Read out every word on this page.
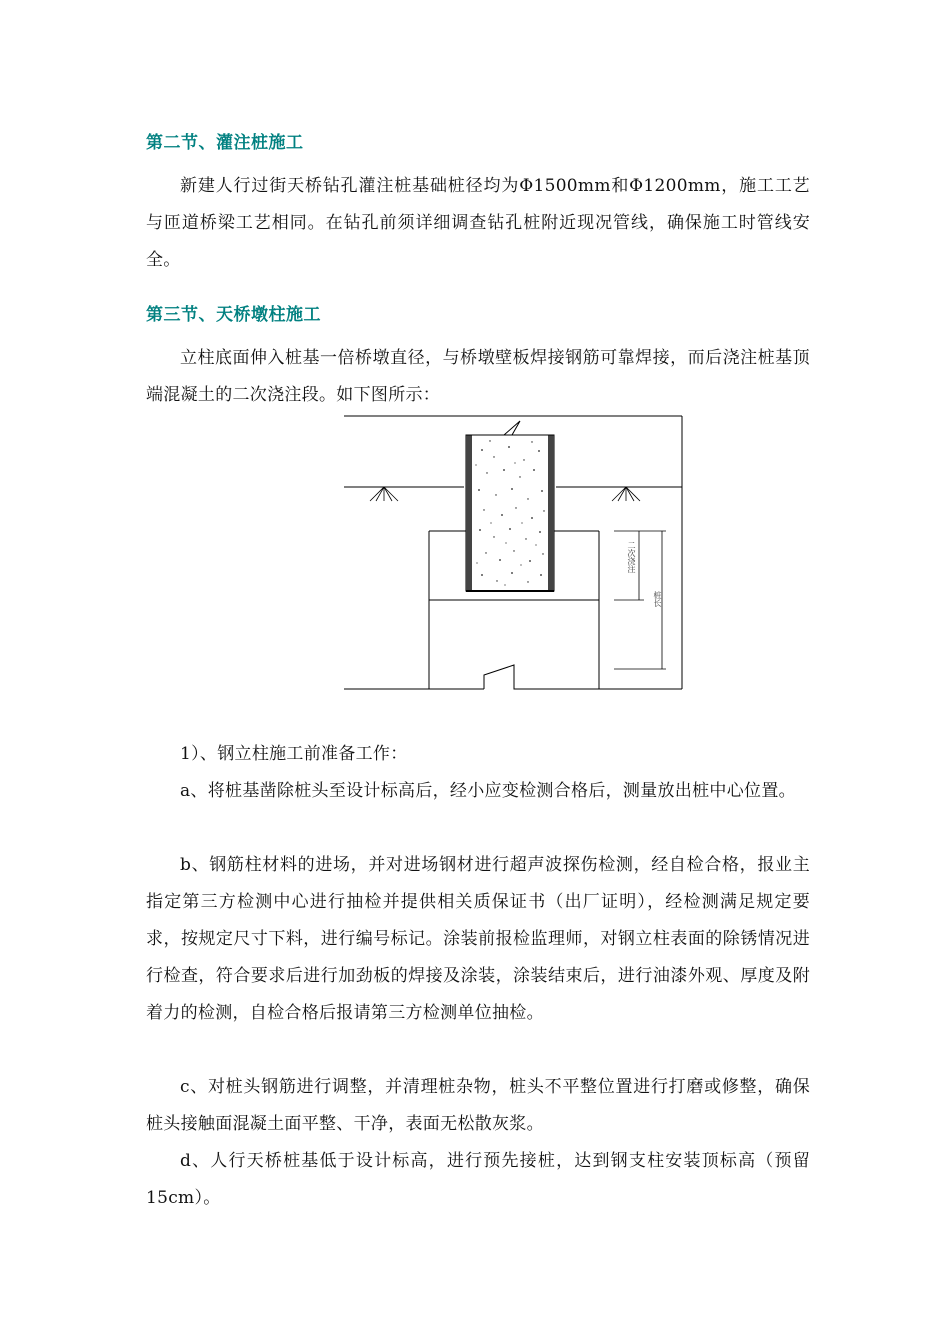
第二节、灌注桩施工
新建人行过街天桥钻孔灌注桩基础桩径均为Φ1500mm和Φ1200mm，施工工艺与匝道桥梁工艺相同。在钻孔前须详细调查钻孔桩附近现况管线，确保施工时管线安全。
第三节、天桥墩柱施工
立柱底面伸入桩基一倍桥墩直径，与桥墩壁板焊接钢筋可靠焊接，而后浇注桩基顶端混凝土的二次浇注段。如下图所示：
二次浇注
桩长
1）、钢立柱施工前准备工作：
a、将桩基凿除桩头至设计标高后，经小应变检测合格后，测量放出桩中心位置。
b、钢筋柱材料的进场，并对进场钢材进行超声波探伤检测，经自检合格，报业主指定第三方检测中心进行抽检并提供相关质保证书（出厂证明），经检测满足规定要求，按规定尺寸下料，进行编号标记。涂装前报检监理师，对钢立柱表面的除锈情况进行检查，符合要求后进行加劲板的焊接及涂装，涂装结束后，进行油漆外观、厚度及附着力的检测，自检合格后报请第三方检测单位抽检。
c、对桩头钢筋进行调整，并清理桩杂物，桩头不平整位置进行打磨或修整，确保桩头接触面混凝土面平整、干净，表面无松散灰浆。
d、人行天桥桩基低于设计标高，进行预先接桩，达到钢支柱安装顶标高（预留15cm）。
